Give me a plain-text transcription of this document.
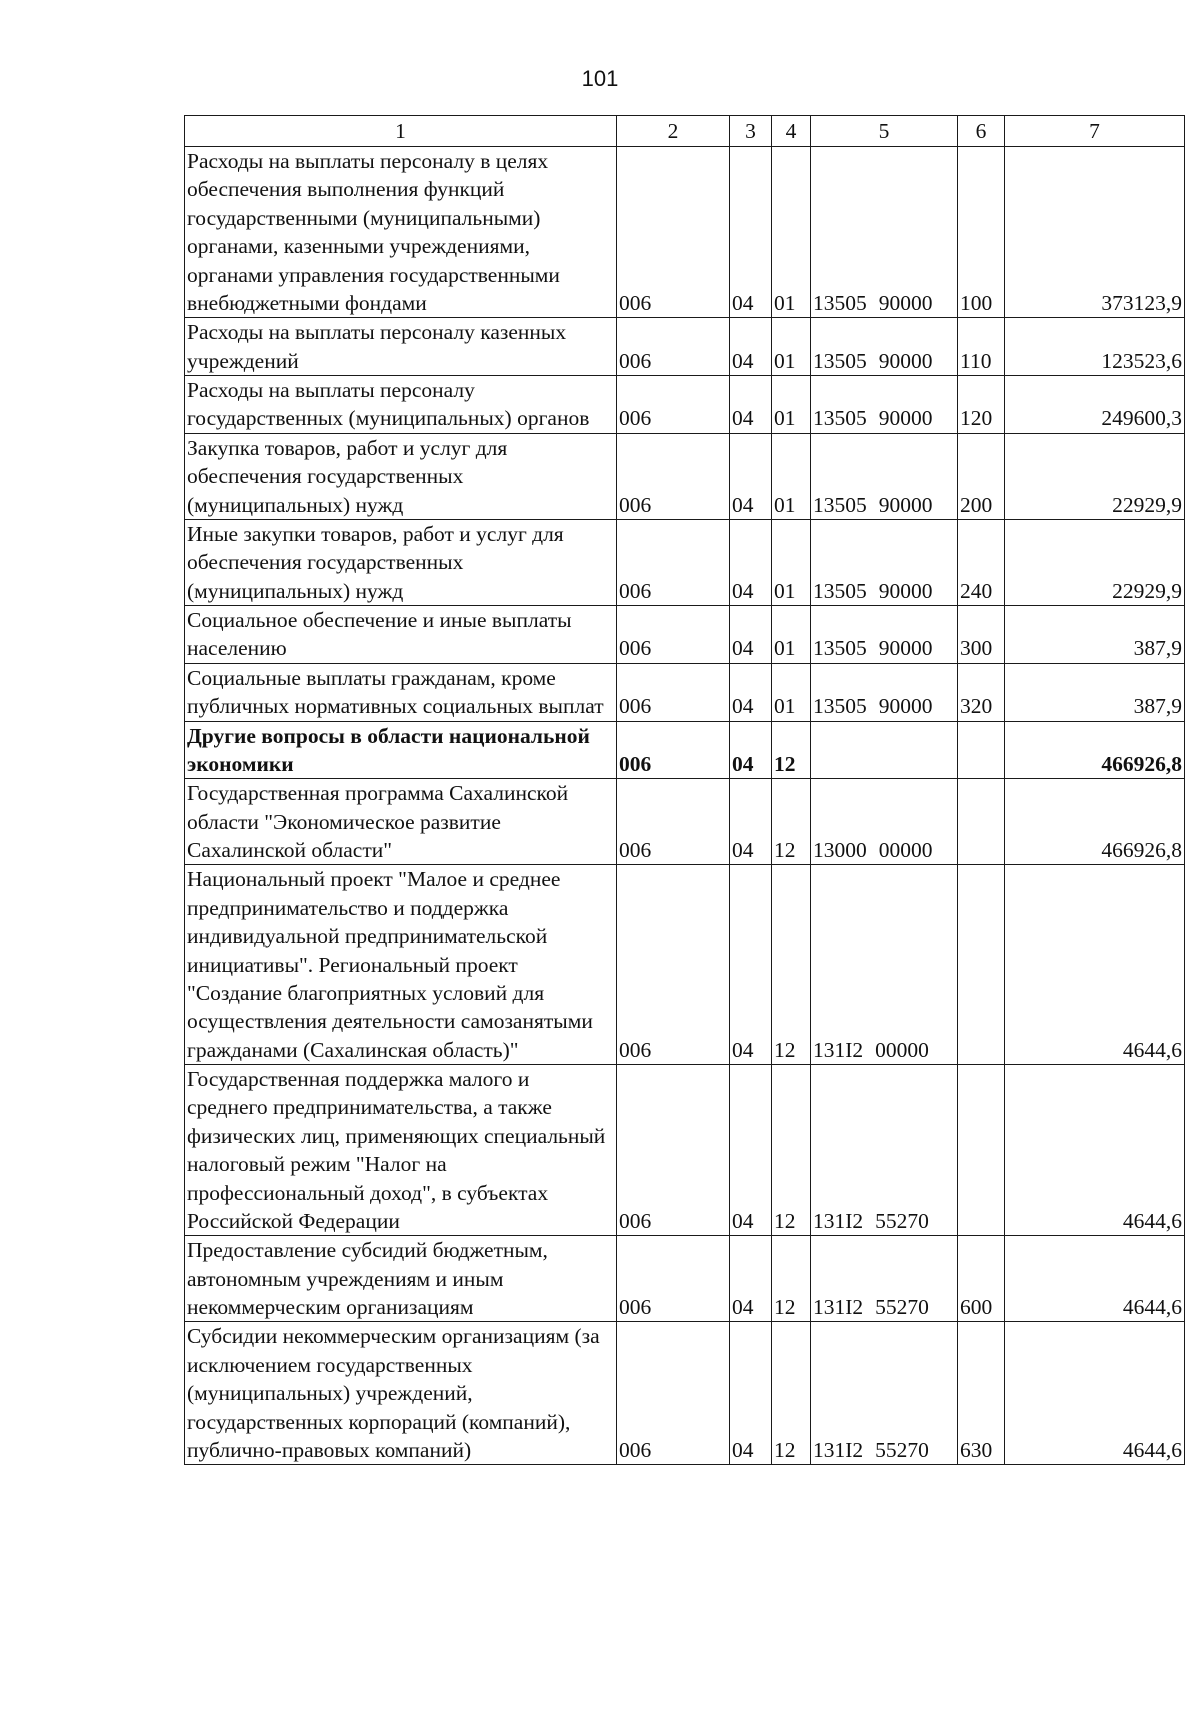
101
1	2	3	4	5	6	7
Расходы на выплаты персоналу в целях обеспечения выполнения функций государственными (муниципальными) органами, казенными учреждениями, органами управления государственными внебюджетными фондами	006	04	01	13505 90000	100	373123,9
Расходы на выплаты персоналу казенных учреждений	006	04	01	13505 90000	110	123523,6
Расходы на выплаты персоналу государственных (муниципальных) органов	006	04	01	13505 90000	120	249600,3
Закупка товаров, работ и услуг для обеспечения государственных (муниципальных) нужд	006	04	01	13505 90000	200	22929,9
Иные закупки товаров, работ и услуг для обеспечения государственных (муниципальных) нужд	006	04	01	13505 90000	240	22929,9
Социальное обеспечение и иные выплаты населению	006	04	01	13505 90000	300	387,9
Социальные выплаты гражданам, кроме публичных нормативных социальных выплат	006	04	01	13505 90000	320	387,9
Другие вопросы в области национальной экономики	006	04	12			466926,8
Государственная программа Сахалинской области "Экономическое развитие Сахалинской области"	006	04	12	13000 00000		466926,8
Национальный проект "Малое и среднее предпринимательство и поддержка индивидуальной предпринимательской инициативы". Региональный проект "Создание благоприятных условий для осуществления деятельности самозанятыми гражданами (Сахалинская область)"	006	04	12	131I2 00000		4644,6
Государственная поддержка малого и среднего предпринимательства, а также физических лиц, применяющих специальный налоговый режим "Налог на профессиональный доход", в субъектах Российской Федерации	006	04	12	131I2 55270		4644,6
Предоставление субсидий бюджетным, автономным учреждениям и иным некоммерческим организациям	006	04	12	131I2 55270	600	4644,6
Субсидии некоммерческим организациям (за исключением государственных (муниципальных) учреждений, государственных корпораций (компаний), публично-правовых компаний)	006	04	12	131I2 55270	630	4644,6
